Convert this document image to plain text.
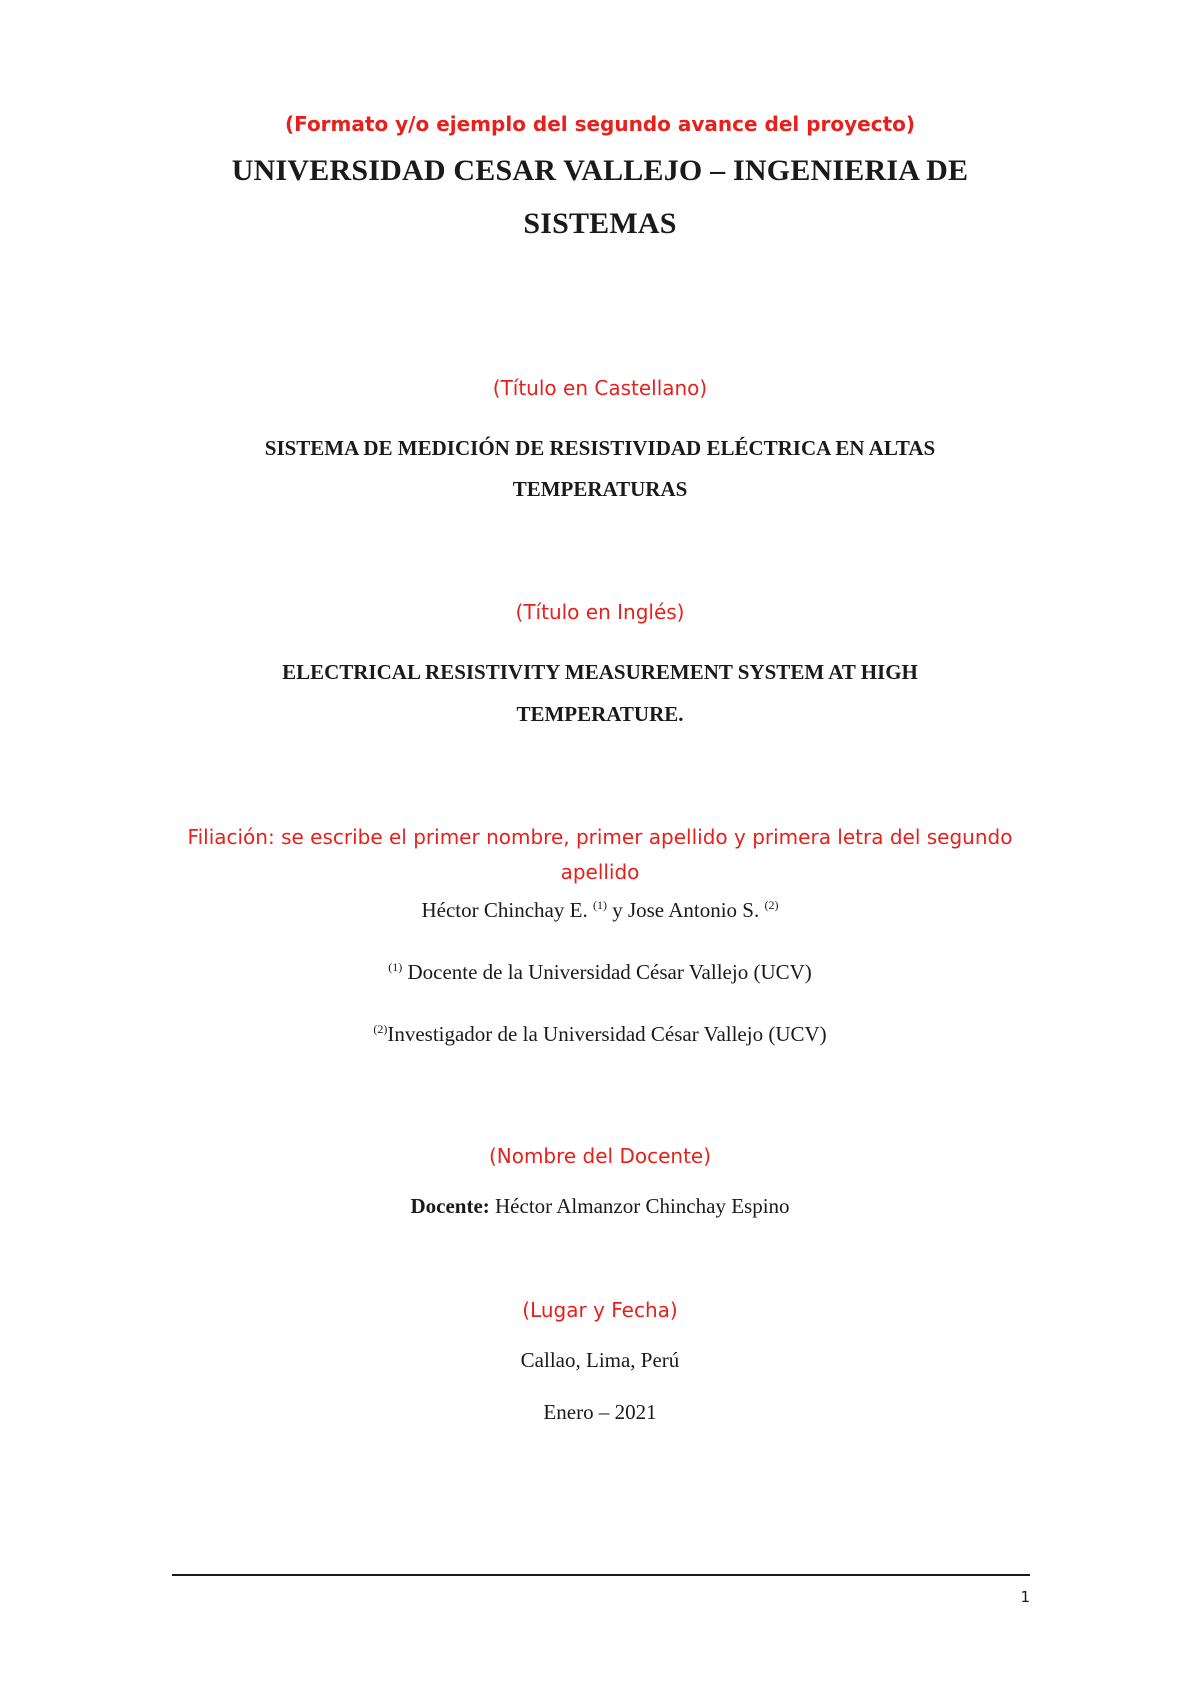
(Formato y/o ejemplo del segundo avance del proyecto)
UNIVERSIDAD CESAR VALLEJO – INGENIERIA DE
SISTEMAS
(Título en Castellano)
SISTEMA DE MEDICIÓN DE RESISTIVIDAD ELÉCTRICA EN ALTAS
TEMPERATURAS
(Título en Inglés)
ELECTRICAL RESISTIVITY MEASUREMENT SYSTEM AT HIGH
TEMPERATURE.
Filiación: se escribe el primer nombre, primer apellido y primera letra del segundo
apellido
Héctor Chinchay E. $^{(1)}$ y Jose Antonio S. $^{(2)}$
$^{(1)}$ Docente de la Universidad César Vallejo (UCV)
$^{(2)}$Investigador de la Universidad César Vallejo (UCV)
(Nombre del Docente)
Docente: Héctor Almanzor Chinchay Espino
(Lugar y Fecha)
Callao, Lima, Perú
Enero – 2021
1
